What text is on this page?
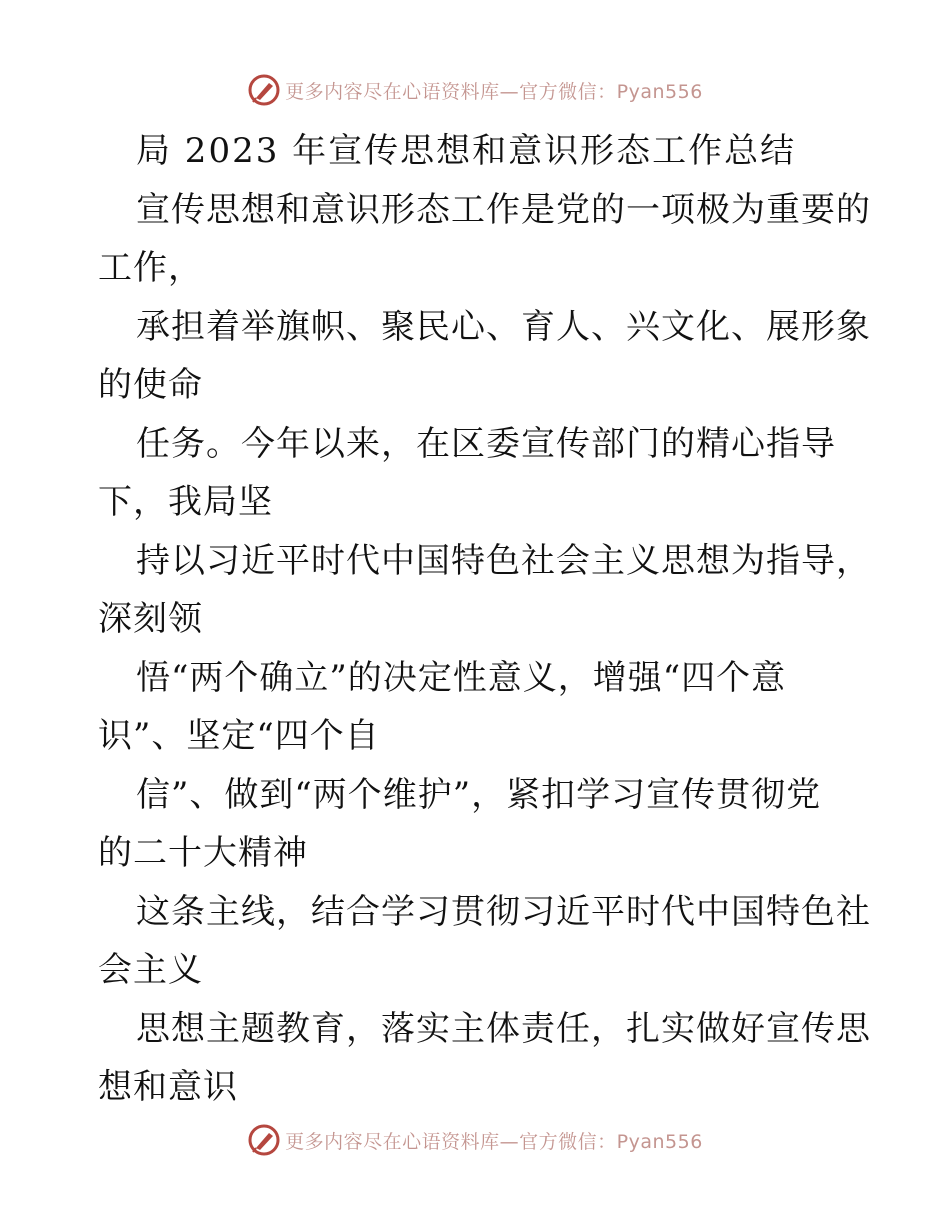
更多内容尽在心语资料库—官方微信：Pyan556
局 2023 年宣传思想和意识形态工作总结
宣传思想和意识形态工作是党的一项极为重要的
工作，
承担着举旗帜、聚民心、育人、兴文化、展形象
的使命
任务。今年以来，在区委宣传部门的精心指导
下，我局坚
持以习近平时代中国特色社会主义思想为指导，
深刻领
悟“两个确立”的决定性意义，增强“四个意
识”、坚定“四个自
信”、做到“两个维护”，紧扣学习宣传贯彻党
的二十大精神
这条主线，结合学习贯彻习近平时代中国特色社
会主义
思想主题教育，落实主体责任，扎实做好宣传思
想和意识
更多内容尽在心语资料库—官方微信：Pyan556
